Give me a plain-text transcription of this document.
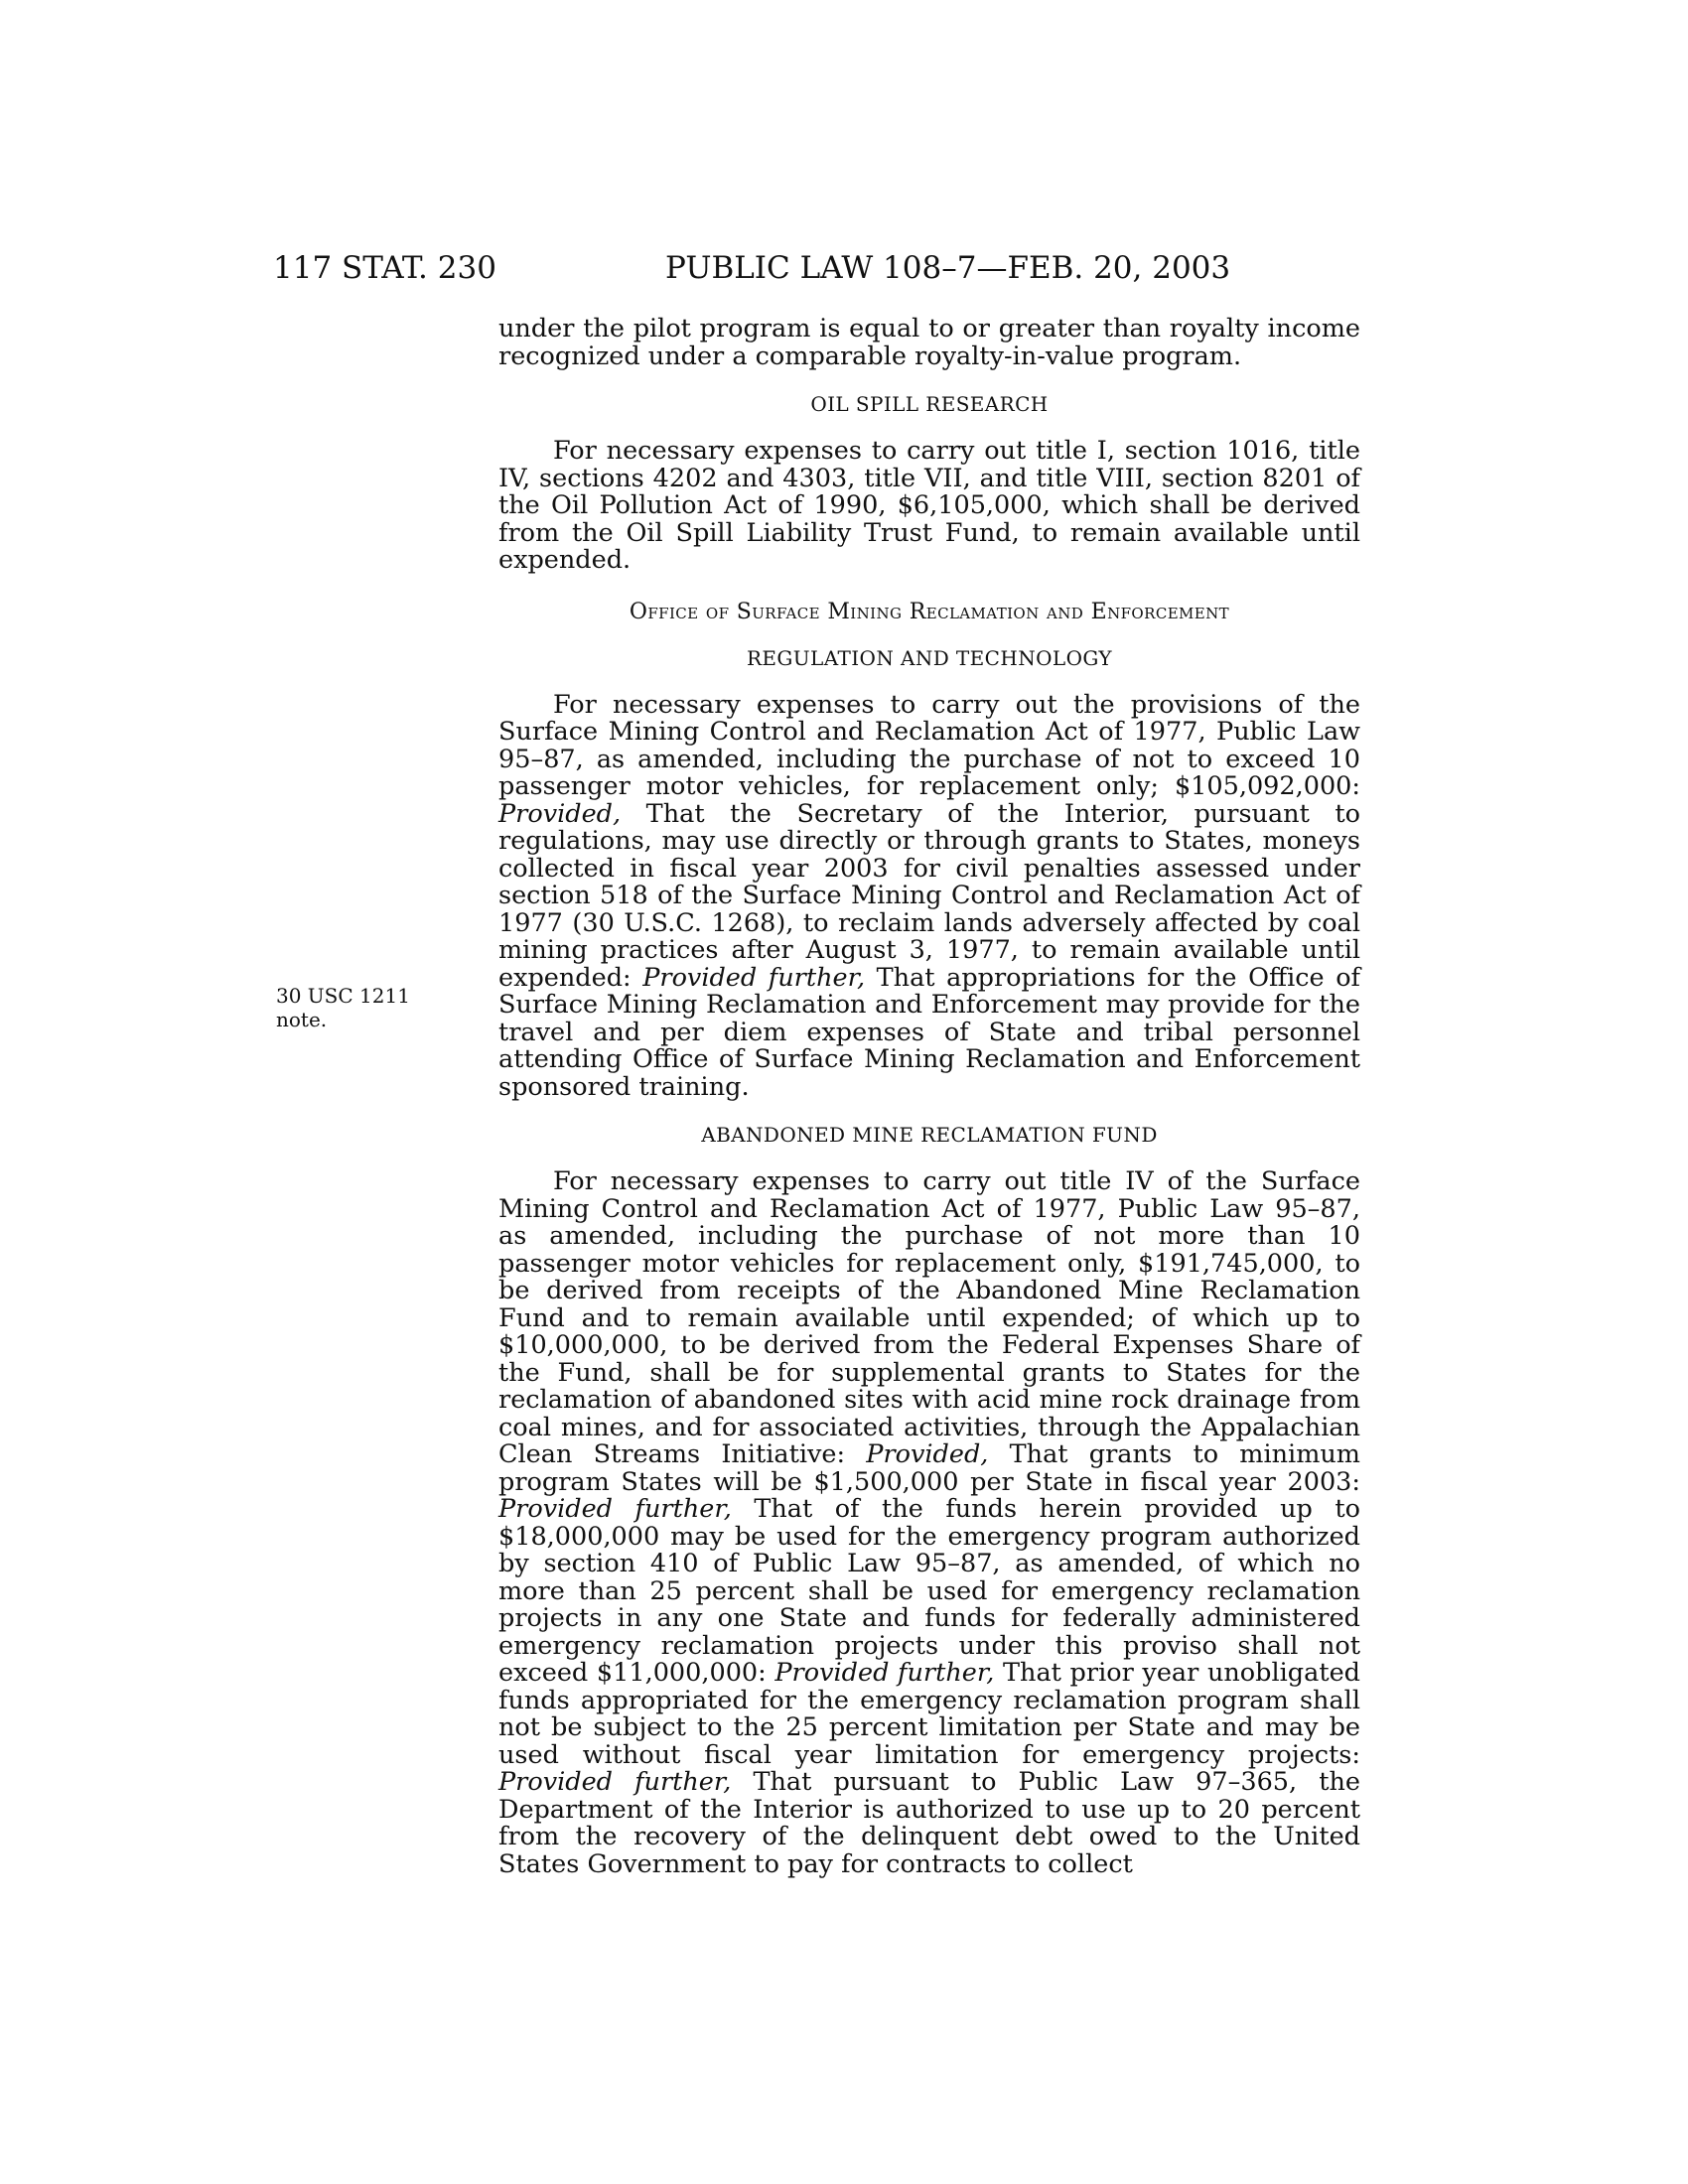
117 STAT. 230	PUBLIC LAW 108–7—FEB. 20, 2003
30 USC 1211
note.

under the pilot program is equal to or greater than royalty income recognized under a comparable royalty-in-value program.

OIL SPILL RESEARCH

For necessary expenses to carry out title I, section 1016, title IV, sections 4202 and 4303, title VII, and title VIII, section 8201 of the Oil Pollution Act of 1990, $6,105,000, which shall be derived from the Oil Spill Liability Trust Fund, to remain available until expended.

Office of Surface Mining Reclamation and Enforcement
REGULATION AND TECHNOLOGY

For necessary expenses to carry out the provisions of the Surface Mining Control and Reclamation Act of 1977, Public Law 95–87, as amended, including the purchase of not to exceed 10 passenger motor vehicles, for replacement only; $105,092,000: Provided, That the Secretary of the Interior, pursuant to regulations, may use directly or through grants to States, moneys collected in fiscal year 2003 for civil penalties assessed under section 518 of the Surface Mining Control and Reclamation Act of 1977 (30 U.S.C. 1268), to reclaim lands adversely affected by coal mining practices after August 3, 1977, to remain available until expended: Provided further, That appropriations for the Office of Surface Mining Reclamation and Enforcement may provide for the travel and per diem expenses of State and tribal personnel attending Office of Surface Mining Reclamation and Enforcement sponsored training.

ABANDONED MINE RECLAMATION FUND

For necessary expenses to carry out title IV of the Surface Mining Control and Reclamation Act of 1977, Public Law 95–87, as amended, including the purchase of not more than 10 passenger motor vehicles for replacement only, $191,745,000, to be derived from receipts of the Abandoned Mine Reclamation Fund and to remain available until expended; of which up to $10,000,000, to be derived from the Federal Expenses Share of the Fund, shall be for supplemental grants to States for the reclamation of abandoned sites with acid mine rock drainage from coal mines, and for associated activities, through the Appalachian Clean Streams Initiative: Provided, That grants to minimum program States will be $1,500,000 per State in fiscal year 2003: Provided further, That of the funds herein provided up to $18,000,000 may be used for the emergency program authorized by section 410 of Public Law 95–87, as amended, of which no more than 25 percent shall be used for emergency reclamation projects in any one State and funds for federally administered emergency reclamation projects under this proviso shall not exceed $11,000,000: Provided further, That prior year unobligated funds appropriated for the emergency reclamation program shall not be subject to the 25 percent limitation per State and may be used without fiscal year limitation for emergency projects: Provided further, That pursuant to Public Law 97–365, the Department of the Interior is authorized to use up to 20 percent from the recovery of the delinquent debt owed to the United States Government to pay for contracts to collect
